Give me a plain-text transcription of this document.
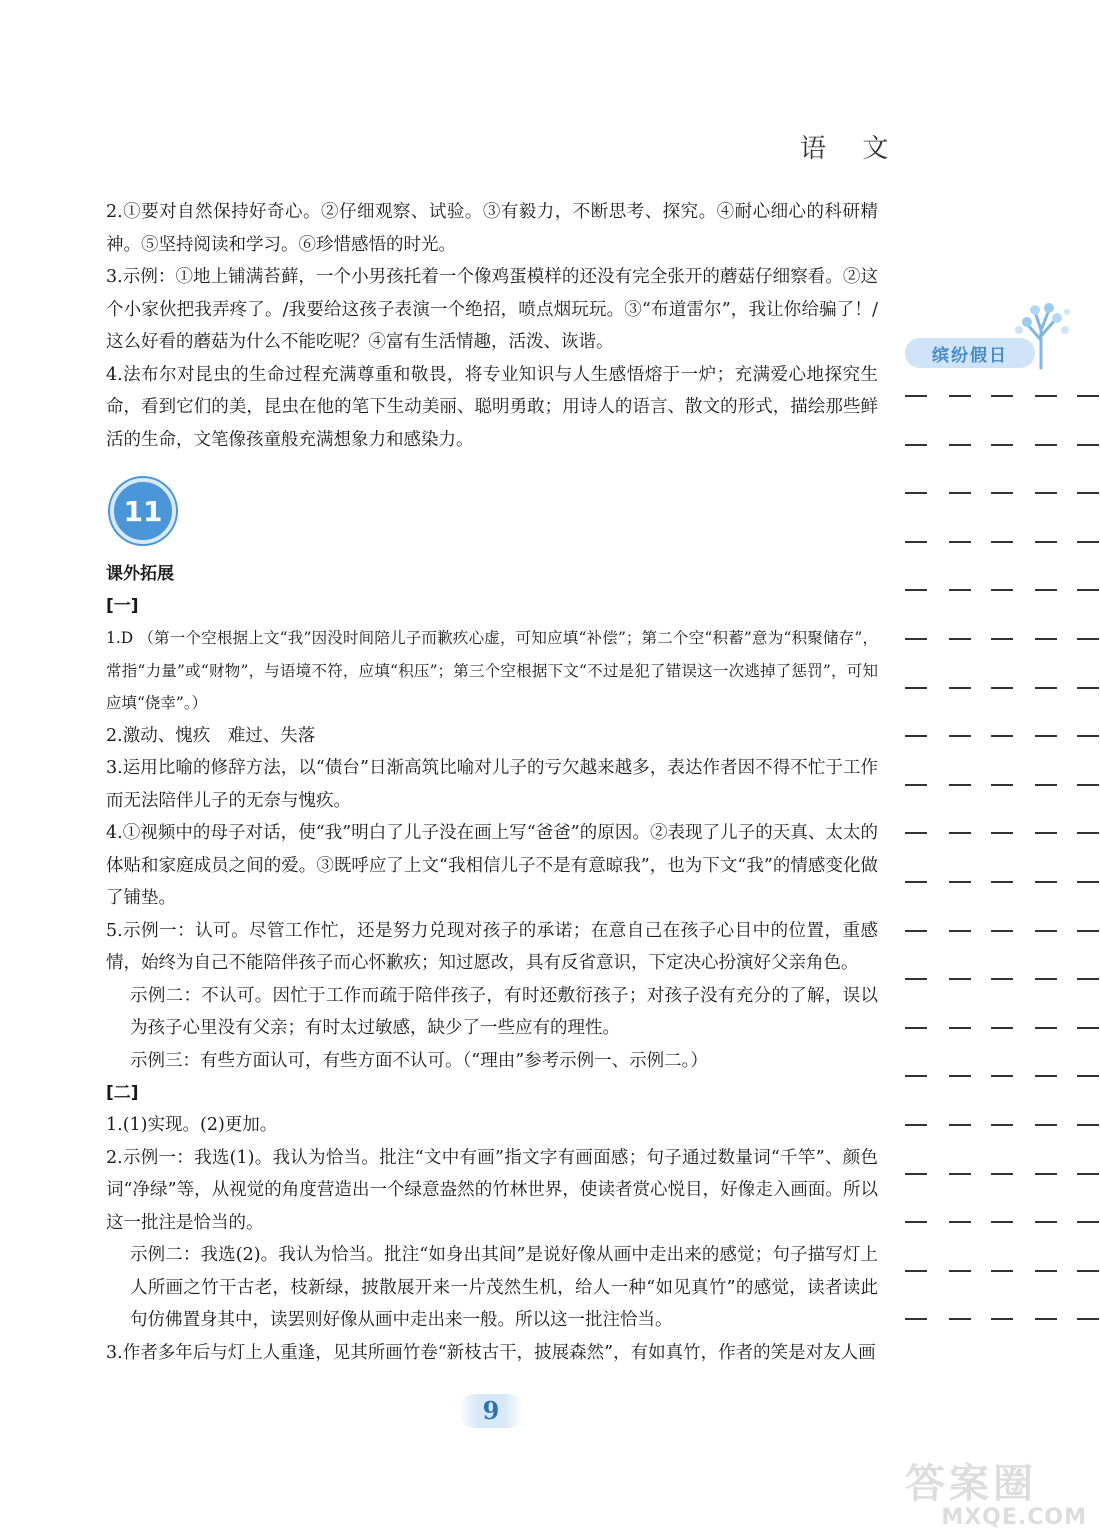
语 文

2.①要对自然保持好奇心。②仔细观察、试验。③有毅力，不断思考、探究。④耐心细心的科研精神。⑤坚持阅读和学习。⑥珍惜感悟的时光。

3.示例：①地上铺满苔藓，一个小男孩托着一个像鸡蛋模样的还没有完全张开的蘑菇仔细察看。②这个小家伙把我弄疼了。/我要给这孩子表演一个绝招，喷点烟玩玩。③“布道雷尔”，我让你给骗了！/这么好看的蘑菇为什么不能吃呢？④富有生活情趣，活泼、诙谐。

4.法布尔对昆虫的生命过程充满尊重和敬畏，将专业知识与人生感悟熔于一炉；充满爱心地探究生命，看到它们的美，昆虫在他的笔下生动美丽、聪明勇敢；用诗人的语言、散文的形式，描绘那些鲜活的生命，文笔像孩童般充满想象力和感染力。

11

课外拓展

[一]

1.D （第一个空根据上文“我”因没时间陪儿子而歉疚心虚，可知应填“补偿”；第二个空“积蓄”意为“积聚储存”，常指“力量”或“财物”，与语境不符，应填“积压”；第三个空根据下文“不过是犯了错误这一次逃掉了惩罚”，可知应填“侥幸”。）

2.激动、愧疚　难过、失落

3.运用比喻的修辞方法，以“债台”日渐高筑比喻对儿子的亏欠越来越多，表达作者因不得不忙于工作而无法陪伴儿子的无奈与愧疚。

4.①视频中的母子对话，使“我”明白了儿子没在画上写“爸爸”的原因。②表现了儿子的天真、太太的体贴和家庭成员之间的爱。③既呼应了上文“我相信儿子不是有意晾我”，也为下文“我”的情感变化做了铺垫。

5.示例一：认可。尽管工作忙，还是努力兑现对孩子的承诺；在意自己在孩子心目中的位置，重感情，始终为自己不能陪伴孩子而心怀歉疚；知过愿改，具有反省意识，下定决心扮演好父亲角色。

示例二：不认可。因忙于工作而疏于陪伴孩子，有时还敷衍孩子；对孩子没有充分的了解，误以为孩子心里没有父亲；有时太过敏感，缺少了一些应有的理性。

示例三：有些方面认可，有些方面不认可。（“理由”参考示例一、示例二。）

[二]

1.(1)实现。(2)更加。

2.示例一：我选(1)。我认为恰当。批注“文中有画”指文字有画面感；句子通过数量词“千竿”、颜色词“净绿”等，从视觉的角度营造出一个绿意盎然的竹林世界，使读者赏心悦目，好像走入画面。所以这一批注是恰当的。

示例二：我选(2)。我认为恰当。批注“如身出其间”是说好像从画中走出来的感觉；句子描写灯上人所画之竹干古老，枝新绿，披散展开来一片茂然生机，给人一种“如见真竹”的感觉，读者读此句仿佛置身其中，读罢则好像从画中走出来一般。所以这一批注恰当。

3.作者多年后与灯上人重逢，见其所画竹卷“新枝古干，披展森然”，有如真竹，作者的笑是对友人画

缤纷假日
9
答案圈
MXQE.COM
